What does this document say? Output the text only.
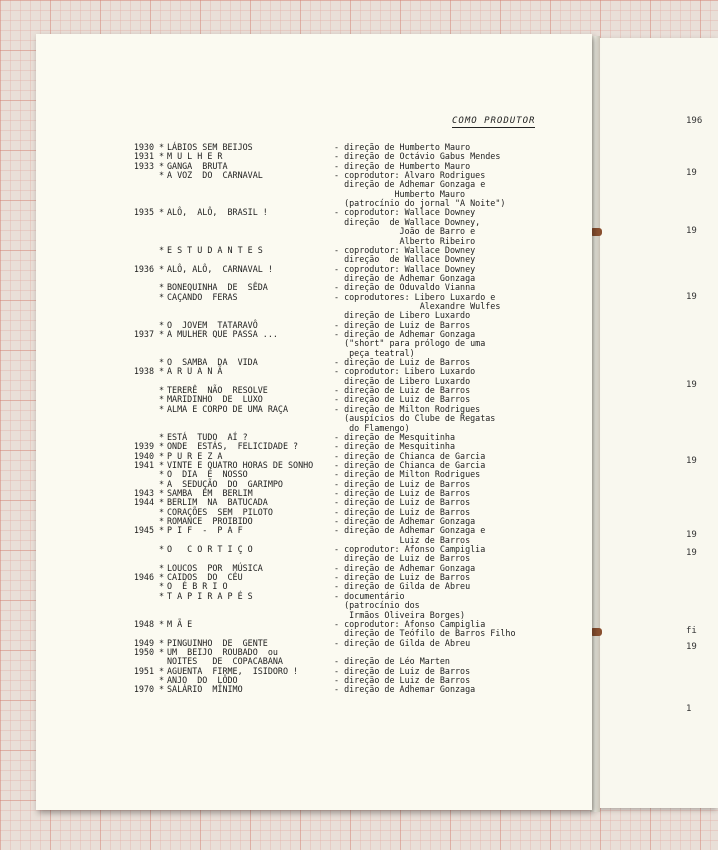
196
19
19
19
19
19
19
19
fi
19
1
COMO PRODUTOR
1930 * LÁBIOS SEM BEIJOS	- direção de Humberto Mauro
1931 * M U L H E R	- direção de Octávio Gabus Mendes
1933 * GANGA  BRUTA	- direção de Humberto Mauro
* A VOZ  DO  CARNAVAL	- coprodutor: Alvaro Rodrigues
direção de Adhemar Gonzaga e
Humberto Mauro
(patrocínio do jornal "A Noite")
1935 * ALÔ,  ALÔ,  BRASIL !	- coprodutor: Wallace Downey
direção  de Wallace Downey,
João de Barro e
Alberto Ribeiro
* E S T U D A N T E S	- coprodutor: Wallace Downey
direção  de Wallace Downey
1936 * ALÔ, ALÔ,  CARNAVAL !	- coprodutor: Wallace Downey
direção de Adhemar Gonzaga
* BONEQUINHA  DE  SÊDA	- direção de Oduvaldo Vianna
* CAÇANDO  FERAS	- coprodutores: Libero Luxardo e
Alexandre Wulfes
direção de Libero Luxardo
* O  JOVEM  TATARAVÔ	- direção de Luiz de Barros
1937 * A MULHER QUE PASSA ...	- direção de Adhemar Gonzaga
("short" para prólogo de uma
peça teatral)
* O  SAMBA  DA  VIDA	- direção de Luiz de Barros
1938 * A R U A N Ã	- coprodutor: Libero Luxardo
direção de Libero Luxardo
* TERERÊ  NÃO  RESOLVE	- direção de Luiz de Barros
* MARIDINHO  DE  LUXO	- direção de Luiz de Barros
* ALMA E CORPO DE UMA RAÇA	- direção de Milton Rodrigues
(auspícios do Clube de Regatas
do Flamengo)
* ESTÁ  TUDO  AÍ ?	- direção de Mesquitinha
1939 * ONDE  ESTÁS,  FELICIDADE ?	- direção de Mesquitinha
1940 * P U R E Z A	- direção de Chianca de Garcia
1941 * VINTE E QUATRO HORAS DE SONHO - direção de Chianca de Garcia
* O  DIA  É  NOSSO	- direção de Milton Rodrigues
* A  SEDUÇÃO  DO  GARIMPO	- direção de Luiz de Barros
1943 * SAMBA  EM  BERLIM	- direção de Luiz de Barros
1944 * BERLIM  NA  BATUCADA	- direção de Luiz de Barros
* CORAÇÕES  SEM  PILOTO	- direção de Luiz de Barros
* ROMANCE  PROIBIDO	- direção de Adhemar Gonzaga
1945 * P I F  -  P A F	- direção de Adhemar Gonzaga e
Luiz de Barros
* O   C O R T I Ç O	- coprodutor: Afonso Campiglia
direção de Luiz de Barros
* LOUCOS  POR  MÚSICA	- direção de Adhemar Gonzaga
1946 * CAIDOS  DO  CÉU	- direção de Luiz de Barros
* O  É B R I O	- direção de Gilda de Abreu
* T A P I R A P É S	- documentário
(patrocínio dos
Irmãos Oliveira Borges)
1948 * M Ã E	- coprodutor: Afonso Campiglia
direção de Teófilo de Barros Filho
1949 * PINGUINHO  DE  GENTE	- direção de Gilda de Abreu
1950 * UM  BEIJO  ROUBADO  ou
NOITES   DE  COPACABANA	- direção de Léo Marten
1951 * AGUENTA  FIRME,  ISIDORO !	- direção de Luiz de Barros
* ANJO  DO  LÔDO	- direção de Luiz de Barros
1970 * SALÁRIO  MÍNIMO	- direção de Adhemar Gonzaga
